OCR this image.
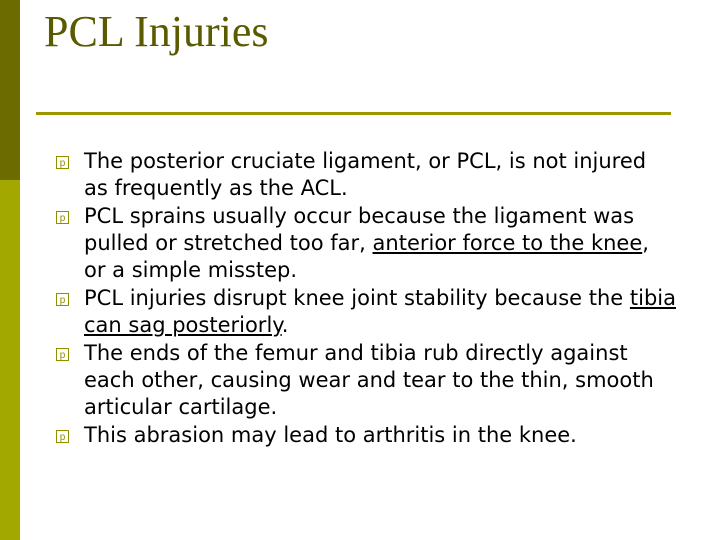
PCL Injuries
p The posterior cruciate ligament, or PCL, is not injured as frequently as the ACL.
p PCL sprains usually occur because the ligament was pulled or stretched too far, anterior force to the knee, or a simple misstep.
p PCL injuries disrupt knee joint stability because the tibia can sag posteriorly.
p The ends of the femur and tibia rub directly against each other, causing wear and tear to the thin, smooth articular cartilage.
p This abrasion may lead to arthritis in the knee.
